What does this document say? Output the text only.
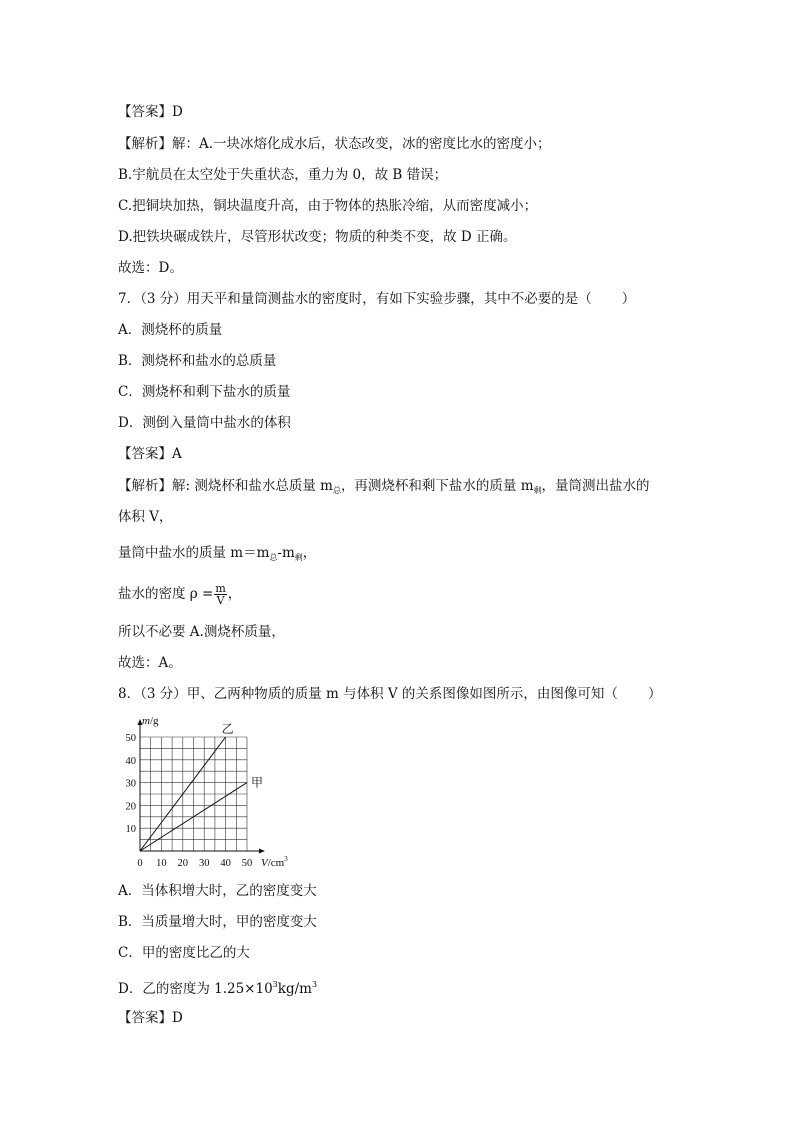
【答案】D
【解析】解：A.一块冰熔化成水后，状态改变，冰的密度比水的密度小；
B.宇航员在太空处于失重状态，重力为 0，故 B 错误；
C.把铜块加热，铜块温度升高，由于物体的热胀冷缩，从而密度减小；
D.把铁块碾成铁片，尽管形状改变；物质的种类不变，故 D 正确。
故选：D。
7．（3 分）用天平和量筒测盐水的密度时，有如下实验步骤，其中不必要的是（ ）
A．测烧杯的质量
B．测烧杯和盐水的总质量
C．测烧杯和剩下盐水的质量
D．测倒入量筒中盐水的体积
【答案】A
【解析】解: 测烧杯和盐水总质量 $m_总$，再测烧杯和剩下盐水的质量 $m_剩$，量筒测出盐水的
体积 V，
量筒中盐水的质量 $m=m_总-m_剩$，
盐水的密度 $\rho = \frac{m}{V}$ ，
所以不必要 A.测烧杯质量，
故选：A。
8．（3 分）甲、乙两种物质的质量 m 与体积 V 的关系图像如图所示，由图像可知（ ）
0 10 20 30 40 50
10
20
30
40
50
m/g
$V/cm^3$
乙
甲
A．当体积增大时，乙的密度变大
B．当质量增大时，甲的密度变大
C．甲的密度比乙的大
D．乙的密度为 $1.25\times 10^3kg/m^3$
【答案】D
